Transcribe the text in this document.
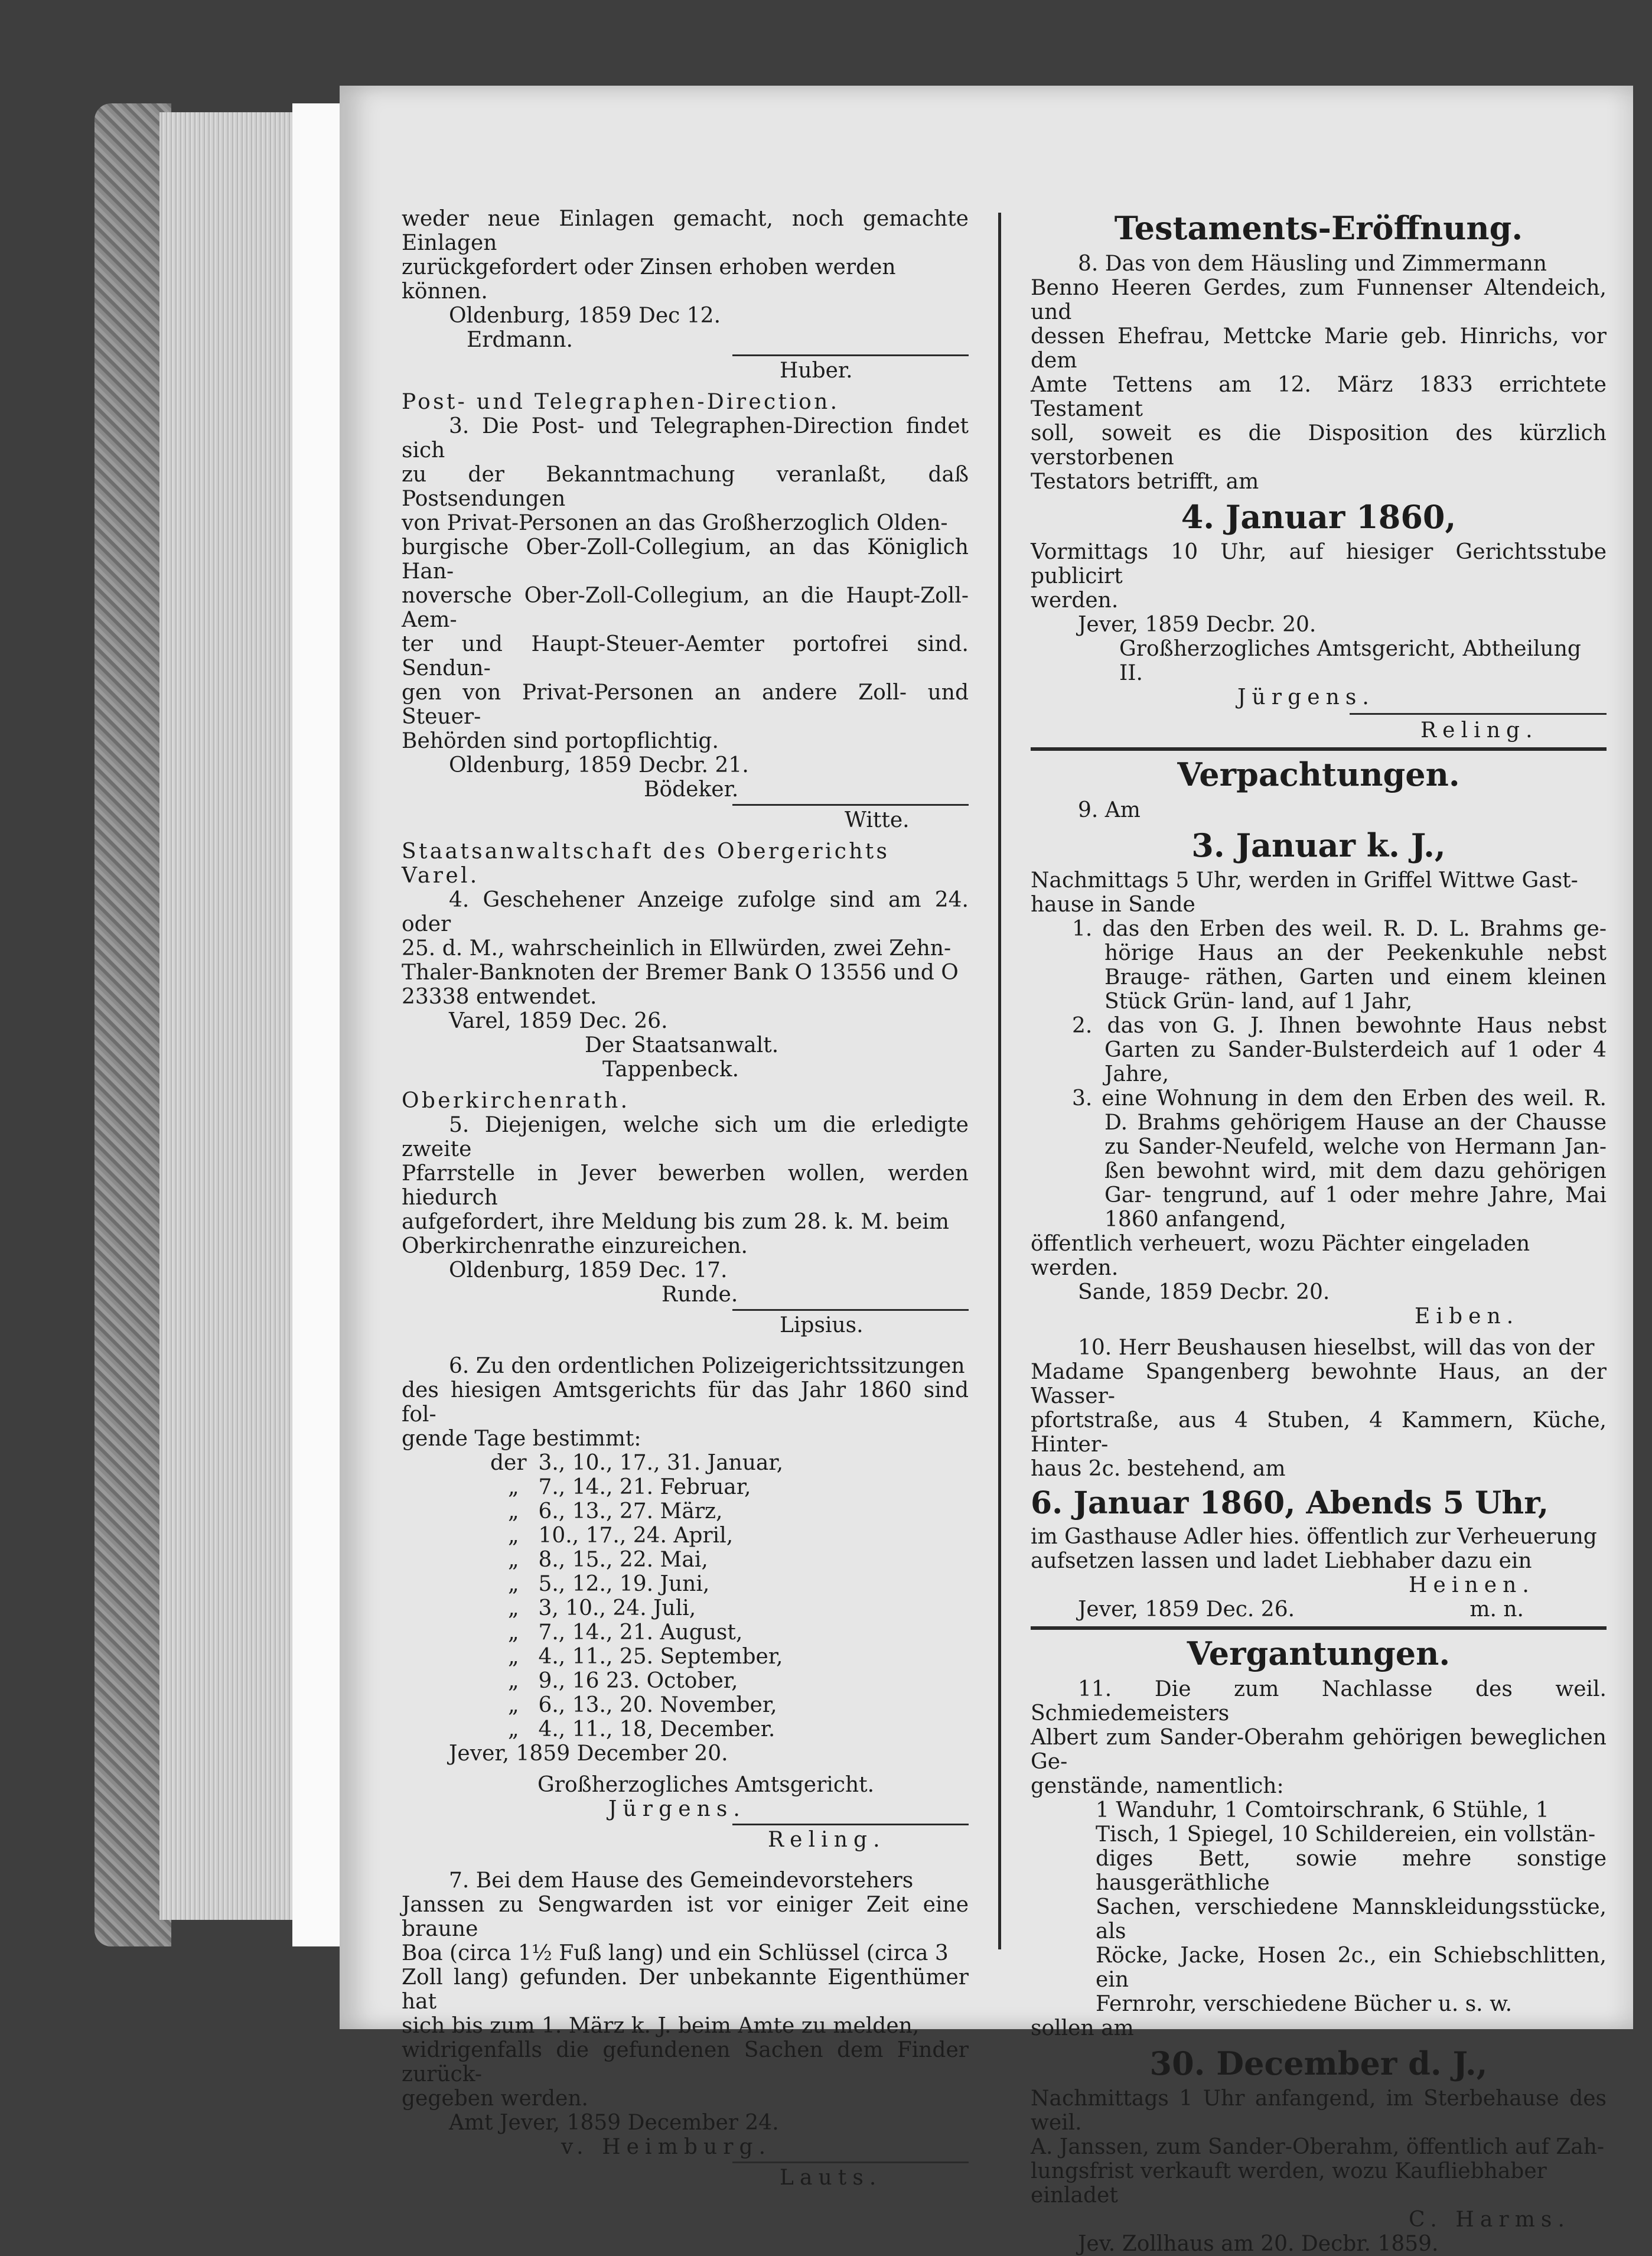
weder neue Einlagen gemacht, noch gemachte Einlagen

zurückgefordert oder Zinsen erhoben werden können.

Oldenburg, 1859 Dec 12.

Erdmann.

Huber.

Post- und Telegraphen-Direction.

3. Die Post- und Telegraphen-Direction findet sich

zu der Bekanntmachung veranlaßt, daß Postsendungen

von Privat-Personen an das Großherzoglich Olden-

burgische Ober-Zoll-Collegium, an das Königlich Han-

noversche Ober-Zoll-Collegium, an die Haupt-Zoll-Aem-

ter und Haupt-Steuer-Aemter portofrei sind. Sendun-

gen von Privat-Personen an andere Zoll- und Steuer-

Behörden sind portopflichtig.

Oldenburg, 1859 Decbr. 21.

Bödeker.

Witte.

Staatsanwaltschaft des Obergerichts Varel.

4. Geschehener Anzeige zufolge sind am 24. oder

25. d. M., wahrscheinlich in Ellwürden, zwei Zehn-

Thaler-Banknoten der Bremer Bank O 13556 und O

23338 entwendet.

Varel, 1859 Dec. 26.

Der Staatsanwalt.

Tappenbeck.

Oberkirchenrath.

5. Diejenigen, welche sich um die erledigte zweite

Pfarrstelle in Jever bewerben wollen, werden hiedurch

aufgefordert, ihre Meldung bis zum 28. k. M. beim

Oberkirchenrathe einzureichen.

Oldenburg, 1859 Dec. 17.

Runde.

Lipsius.

6. Zu den ordentlichen Polizeigerichtssitzungen

des hiesigen Amtsgerichts für das Jahr 1860 sind fol-

gende Tage bestimmt:

der 3., 10., 17., 31. Januar,

„ 7., 14., 21. Februar,

„ 6., 13., 27. März,

„ 10., 17., 24. April,

„ 8., 15., 22. Mai,

„ 5., 12., 19. Juni,

„ 3, 10., 24. Juli,

„ 7., 14., 21. August,

„ 4., 11., 25. September,

„ 9., 16 23. October,

„ 6., 13., 20. November,

„ 4., 11., 18, December.

Jever, 1859 December 20.

Großherzogliches Amtsgericht.

Jürgens.

Reling.

7. Bei dem Hause des Gemeindevorstehers

Janssen zu Sengwarden ist vor einiger Zeit eine braune

Boa (circa 1½ Fuß lang) und ein Schlüssel (circa 3

Zoll lang) gefunden. Der unbekannte Eigenthümer hat

sich bis zum 1. März k. J. beim Amte zu melden,

widrigenfalls die gefundenen Sachen dem Finder zurück-

gegeben werden.

Amt Jever, 1859 December 24.

v. Heimburg.

Lauts.

Testaments-Eröffnung.

8. Das von dem Häusling und Zimmermann

Benno Heeren Gerdes, zum Funnenser Altendeich, und

dessen Ehefrau, Mettcke Marie geb. Hinrichs, vor dem

Amte Tettens am 12. März 1833 errichtete Testament

soll, soweit es die Disposition des kürzlich verstorbenen

Testators betrifft, am

4. Januar 1860,

Vormittags 10 Uhr, auf hiesiger Gerichtsstube publicirt

werden.

Jever, 1859 Decbr. 20.

Großherzogliches Amtsgericht, Abtheilung II.

Jürgens.

Reling.

Verpachtungen.

9. Am

3. Januar k. J.,

Nachmittags 5 Uhr, werden in Griffel Wittwe Gast-

hause in Sande

1. das den Erben des weil. R. D. L. Brahms ge- hörige Haus an der Peekenkuhle nebst Brauge- räthen, Garten und einem kleinen Stück Grün- land, auf 1 Jahr,

2. das von G. J. Ihnen bewohnte Haus nebst Garten zu Sander-Bulsterdeich auf 1 oder 4 Jahre,

3. eine Wohnung in dem den Erben des weil. R. D. Brahms gehörigem Hause an der Chausse zu Sander-Neufeld, welche von Hermann Jan- ßen bewohnt wird, mit dem dazu gehörigen Gar- tengrund, auf 1 oder mehre Jahre, Mai 1860 anfangend,

öffentlich verheuert, wozu Pächter eingeladen werden.

Sande, 1859 Decbr. 20.

Eiben.

10. Herr Beushausen hieselbst, will das von der

Madame Spangenberg bewohnte Haus, an der Wasser-

pfortstraße, aus 4 Stuben, 4 Kammern, Küche, Hinter-

haus 2c. bestehend, am

6. Januar 1860, Abends 5 Uhr,

im Gasthause Adler hies. öffentlich zur Verheuerung

aufsetzen lassen und ladet Liebhaber dazu ein

Heinen.

Jever, 1859 Dec. 26.	m. n.

Vergantungen.

11. Die zum Nachlasse des weil. Schmiedemeisters

Albert zum Sander-Oberahm gehörigen beweglichen Ge-

genstände, namentlich:

1 Wanduhr, 1 Comtoirschrank, 6 Stühle, 1

Tisch, 1 Spiegel, 10 Schildereien, ein vollstän-

diges Bett, sowie mehre sonstige hausgeräthliche

Sachen, verschiedene Mannskleidungsstücke, als

Röcke, Jacke, Hosen 2c., ein Schiebschlitten, ein

Fernrohr, verschiedene Bücher u. s. w.

sollen am

30. December d. J.,

Nachmittags 1 Uhr anfangend, im Sterbehause des weil.

A. Janssen, zum Sander-Oberahm, öffentlich auf Zah-

lungsfrist verkauft werden, wozu Kaufliebhaber einladet

C. Harms.

Jev. Zollhaus am 20. Decbr. 1859.
